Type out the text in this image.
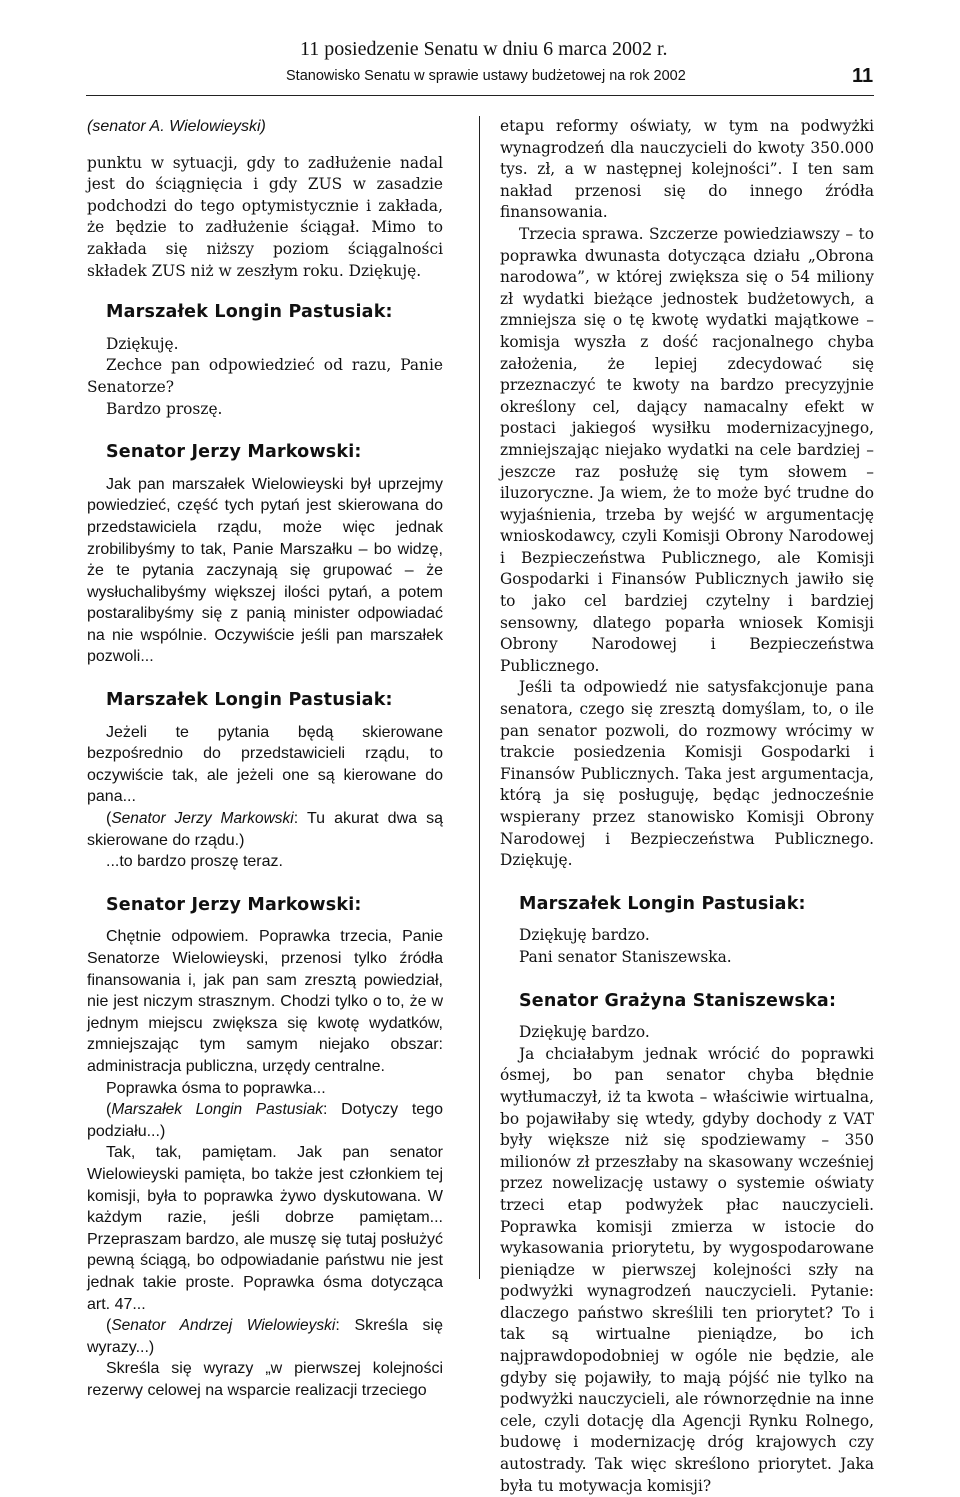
11 posiedzenie Senatu w dniu 6 marca 2002 r.
Stanowisko Senatu w sprawie ustawy budżetowej na rok 2002	11

(senator A. Wielowieyski)

punktu w sytuacji, gdy to zadłużenie nadal jest do ściągnięcia i gdy ZUS w zasadzie podchodzi do tego optymistycznie i zakłada, że będzie to zadłużenie ściągał. Mimo to zakłada się niższy poziom ściągalności składek ZUS niż w zeszłym roku. Dziękuję.

Marszałek Longin Pastusiak:

Dziękuję.

Zechce pan odpowiedzieć od razu, Panie Senatorze?

Bardzo proszę.

Senator Jerzy Markowski:

Jak pan marszałek Wielowieyski był uprzejmy powiedzieć, część tych pytań jest skierowana do przedstawiciela rządu, może więc jednak zrobilibyśmy to tak, Panie Marszałku – bo widzę, że te pytania zaczynają się grupować – że wysłuchalibyśmy większej ilości pytań, a potem postaralibyśmy się z panią minister odpowiadać na nie wspólnie. Oczywiście jeśli pan marszałek pozwoli...

Marszałek Longin Pastusiak:

Jeżeli te pytania będą skierowane bezpośrednio do przedstawicieli rządu, to oczywiście tak, ale jeżeli one są kierowane do pana...

(Senator Jerzy Markowski: Tu akurat dwa są skierowane do rządu.)

...to bardzo proszę teraz.

Senator Jerzy Markowski:

Chętnie odpowiem. Poprawka trzecia, Panie Senatorze Wielowieyski, przenosi tylko źródła finansowania i, jak pan sam zresztą powiedział, nie jest niczym strasznym. Chodzi tylko o to, że w jednym miejscu zwiększa się kwotę wydatków, zmniejszając tym samym niejako obszar: administracja publiczna, urzędy centralne.

Poprawka ósma to poprawka...

(Marszałek Longin Pastusiak: Dotyczy tego podziału...)

Tak, tak, pamiętam. Jak pan senator Wielowieyski pamięta, bo także jest członkiem tej komisji, była to poprawka żywo dyskutowana. W każdym razie, jeśli dobrze pamiętam... Przepraszam bardzo, ale muszę się tutaj posłużyć pewną ściągą, bo odpowiadanie państwu nie jest jednak takie proste. Poprawka ósma dotycząca art. 47...

(Senator Andrzej Wielowieyski: Skreśla się wyrazy...)

Skreśla się wyrazy „w pierwszej kolejności rezerwy celowej na wsparcie realizacji trzeciego

etapu reformy oświaty, w tym na podwyżki wynagrodzeń dla nauczycieli do kwoty 350.000 tys. zł, a w następnej kolejności”. I ten sam nakład przenosi się do innego źródła finansowania.

Trzecia sprawa. Szczerze powiedziawszy – to poprawka dwunasta dotycząca działu „Obrona narodowa”, w której zwiększa się o 54 miliony zł wydatki bieżące jednostek budżetowych, a zmniejsza się o tę kwotę wydatki majątkowe – komisja wyszła z dość racjonalnego chyba założenia, że lepiej zdecydować się przeznaczyć te kwoty na bardzo precyzyjnie określony cel, dający namacalny efekt w postaci jakiegoś wysiłku modernizacyjnego, zmniejszając niejako wydatki na cele bardziej – jeszcze raz posłużę się tym słowem – iluzoryczne. Ja wiem, że to może być trudne do wyjaśnienia, trzeba by wejść w argumentację wnioskodawcy, czyli Komisji Obrony Narodowej i Bezpieczeństwa Publicznego, ale Komisji Gospodarki i Finansów Publicznych jawiło się to jako cel bardziej czytelny i bardziej sensowny, dlatego poparła wniosek Komisji Obrony Narodowej i Bezpieczeństwa Publicznego.

Jeśli ta odpowiedź nie satysfakcjonuje pana senatora, czego się zresztą domyślam, to, o ile pan senator pozwoli, do rozmowy wrócimy w trakcie posiedzenia Komisji Gospodarki i Finansów Publicznych. Taka jest argumentacja, którą ja się posługuję, będąc jednocześnie wspierany przez stanowisko Komisji Obrony Narodowej i Bezpieczeństwa Publicznego. Dziękuję.

Marszałek Longin Pastusiak:

Dziękuję bardzo.

Pani senator Staniszewska.

Senator Grażyna Staniszewska:

Dziękuję bardzo.

Ja chciałabym jednak wrócić do poprawki ósmej, bo pan senator chyba błędnie wytłumaczył, iż ta kwota – właściwie wirtualna, bo pojawiłaby się wtedy, gdyby dochody z VAT były większe niż się spodziewamy – 350 milionów zł przeszłaby na skasowany wcześniej przez nowelizację ustawy o systemie oświaty trzeci etap podwyżek płac nauczycieli. Poprawka komisji zmierza w istocie do wykasowania priorytetu, by wygospodarowane pieniądze w pierwszej kolejności szły na podwyżki wynagrodzeń nauczycieli. Pytanie: dlaczego państwo skreślili ten priorytet? To i tak są wirtualne pieniądze, bo ich najprawdopodobniej w ogóle nie będzie, ale gdyby się pojawiły, to mają pójść nie tylko na podwyżki nauczycieli, ale równorzędnie na inne cele, czyli dotację dla Agencji Rynku Rolnego, budowę i modernizację dróg krajowych czy autostrady. Tak więc skreślono priorytet. Jaka była tu motywacja komisji?
